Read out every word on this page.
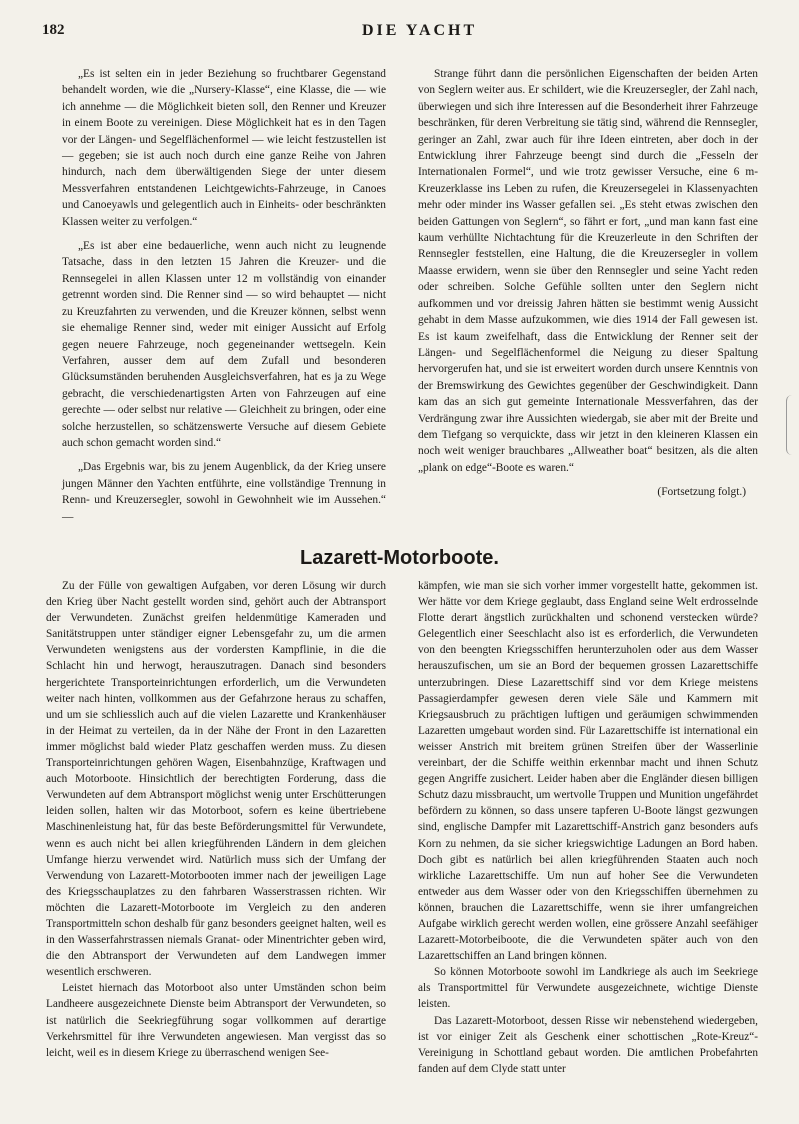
182	DIE YACHT

„Es ist selten ein in jeder Beziehung so fruchtbarer Gegenstand behandelt worden, wie die „Nursery-Klasse“, eine Klasse, die — wie ich annehme — die Möglichkeit bieten soll, den Renner und Kreuzer in einem Boote zu vereinigen. Diese Möglichkeit hat es in den Tagen vor der Längen- und Segelflächenformel — wie leicht festzustellen ist — gegeben; sie ist auch noch durch eine ganze Reihe von Jahren hindurch, nach dem überwältigenden Siege der unter diesem Messverfahren entstandenen Leichtgewichts-Fahrzeuge, in Canoes und Canoeyawls und gelegentlich auch in Einheits- oder beschränkten Klassen weiter zu verfolgen.“

„Es ist aber eine bedauerliche, wenn auch nicht zu leugnende Tatsache, dass in den letzten 15 Jahren die Kreuzer- und die Rennsegelei in allen Klassen unter 12 m vollständig von einander getrennt worden sind. Die Renner sind — so wird behauptet — nicht zu Kreuzfahrten zu verwenden, und die Kreuzer können, selbst wenn sie ehemalige Renner sind, weder mit einiger Aussicht auf Erfolg gegen neuere Fahrzeuge, noch gegeneinander wettsegeln. Kein Verfahren, ausser dem auf dem Zufall und besonderen Glücksumständen beruhenden Ausgleichsverfahren, hat es ja zu Wege gebracht, die verschiedenartigsten Arten von Fahrzeugen auf eine gerechte — oder selbst nur relative — Gleichheit zu bringen, oder eine solche herzustellen, so schätzenswerte Versuche auf diesem Gebiete auch schon gemacht worden sind.“

„Das Ergebnis war, bis zu jenem Augenblick, da der Krieg unsere jungen Männer den Yachten entführte, eine vollständige Trennung in Renn- und Kreuzersegler, sowohl in Gewohnheit wie im Aussehen.“ —

Strange führt dann die persönlichen Eigenschaften der beiden Arten von Seglern weiter aus. Er schildert, wie die Kreuzersegler, der Zahl nach, überwiegen und sich ihre Interessen auf die Besonderheit ihrer Fahrzeuge beschränken, für deren Verbreitung sie tätig sind, während die Rennsegler, geringer an Zahl, zwar auch für ihre Ideen eintreten, aber doch in der Entwicklung ihrer Fahrzeuge beengt sind durch die „Fesseln der Internationalen Formel“, und wie trotz gewisser Versuche, eine 6 m-Kreuzerklasse ins Leben zu rufen, die Kreuzersegelei in Klassenyachten mehr oder minder ins Wasser gefallen sei. „Es steht etwas zwischen den beiden Gattungen von Seglern“, so fährt er fort, „und man kann fast eine kaum verhüllte Nichtachtung für die Kreuzerleute in den Schriften der Rennsegler feststellen, eine Haltung, die die Kreuzersegler in vollem Maasse erwidern, wenn sie über den Rennsegler und seine Yacht reden oder schreiben. Solche Gefühle sollten unter den Seglern nicht aufkommen und vor dreissig Jahren hätten sie bestimmt wenig Aussicht gehabt in dem Masse aufzukommen, wie dies 1914 der Fall gewesen ist. Es ist kaum zweifelhaft, dass die Entwicklung der Renner seit der Längen- und Segelflächenformel die Neigung zu dieser Spaltung hervorgerufen hat, und sie ist erweitert worden durch unsere Kenntnis von der Bremswirkung des Gewichtes gegenüber der Geschwindigkeit. Dann kam das an sich gut gemeinte Internationale Messverfahren, das der Verdrängung zwar ihre Aussichten wiedergab, sie aber mit der Breite und dem Tiefgang so verquickte, dass wir jetzt in den kleineren Klassen ein noch weit weniger brauchbares „Allweather boat“ besitzen, als die alten „plank on edge“-Boote es waren.“

(Fortsetzung folgt.)

Lazarett-Motorboote.

Zu der Fülle von gewaltigen Aufgaben, vor deren Lösung wir durch den Krieg über Nacht gestellt worden sind, gehört auch der Abtransport der Verwundeten. Zunächst greifen heldenmütige Kameraden und Sanitätstruppen unter ständiger eigner Lebensgefahr zu, um die armen Verwundeten wenigstens aus der vordersten Kampflinie, in die die Schlacht hin und herwogt, herauszutragen. Danach sind besonders hergerichtete Transporteinrichtungen erforderlich, um die Verwundeten weiter nach hinten, vollkommen aus der Gefahrzone heraus zu schaffen, und um sie schliesslich auch auf die vielen Lazarette und Krankenhäuser in der Heimat zu verteilen, da in der Nähe der Front in den Lazaretten immer möglichst bald wieder Platz geschaffen werden muss. Zu diesen Transporteinrichtungen gehören Wagen, Eisenbahnzüge, Kraftwagen und auch Motorboote. Hinsichtlich der berechtigten Forderung, dass die Verwundeten auf dem Abtransport möglichst wenig unter Erschütterungen leiden sollen, halten wir das Motorboot, sofern es keine übertriebene Maschinenleistung hat, für das beste Beförderungsmittel für Verwundete, wenn es auch nicht bei allen kriegführenden Ländern in dem gleichen Umfange hierzu verwendet wird. Natürlich muss sich der Umfang der Verwendung von Lazarett-Motorbooten immer nach der jeweiligen Lage des Kriegsschauplatzes zu den fahrbaren Wasserstrassen richten. Wir möchten die Lazarett-Motorboote im Vergleich zu den anderen Transportmitteln schon deshalb für ganz besonders geeignet halten, weil es in den Wasserfahrstrassen niemals Granat- oder Minentrichter geben wird, die den Abtransport der Verwundeten auf dem Landwegen immer wesentlich erschweren.

Leistet hiernach das Motorboot also unter Umständen schon beim Landheere ausgezeichnete Dienste beim Abtransport der Verwundeten, so ist natürlich die Seekriegführung sogar vollkommen auf derartige Verkehrsmittel für ihre Verwundeten angewiesen. Man vergisst das so leicht, weil es in diesem Kriege zu überraschend wenigen See-

kämpfen, wie man sie sich vorher immer vorgestellt hatte, gekommen ist. Wer hätte vor dem Kriege geglaubt, dass England seine Welt erdrosselnde Flotte derart ängstlich zurückhalten und schonend verstecken würde? Gelegentlich einer Seeschlacht also ist es erforderlich, die Verwundeten von den beengten Kriegsschiffen herunterzuholen oder aus dem Wasser herauszufischen, um sie an Bord der bequemen grossen Lazarettschiffe unterzubringen. Diese Lazarettschiff sind vor dem Kriege meistens Passagierdampfer gewesen deren viele Säle und Kammern mit Kriegsausbruch zu prächtigen luftigen und geräumigen schwimmenden Lazaretten umgebaut worden sind. Für Lazarettschiffe ist international ein weisser Anstrich mit breitem grünen Streifen über der Wasserlinie vereinbart, der die Schiffe weithin erkennbar macht und ihnen Schutz gegen Angriffe zusichert. Leider haben aber die Engländer diesen billigen Schutz dazu missbraucht, um wertvolle Truppen und Munition ungefährdet befördern zu können, so dass unsere tapferen U-Boote längst gezwungen sind, englische Dampfer mit Lazarettschiff-Anstrich ganz besonders aufs Korn zu nehmen, da sie sicher kriegswichtige Ladungen an Bord haben. Doch gibt es natürlich bei allen kriegführenden Staaten auch noch wirkliche Lazarettschiffe. Um nun auf hoher See die Verwundeten entweder aus dem Wasser oder von den Kriegsschiffen übernehmen zu können, brauchen die Lazarettschiffe, wenn sie ihrer umfangreichen Aufgabe wirklich gerecht werden wollen, eine grössere Anzahl seefähiger Lazarett-Motorbeiboote, die die Verwundeten später auch von den Lazarettschiffen an Land bringen können.

So können Motorboote sowohl im Landkriege als auch im Seekriege als Transportmittel für Verwundete ausgezeichnete, wichtige Dienste leisten.

Das Lazarett-Motorboot, dessen Risse wir nebenstehend wiedergeben, ist vor einiger Zeit als Geschenk einer schottischen „Rote-Kreuz“-Vereinigung in Schottland gebaut worden. Die amtlichen Probefahrten fanden auf dem Clyde statt unter
